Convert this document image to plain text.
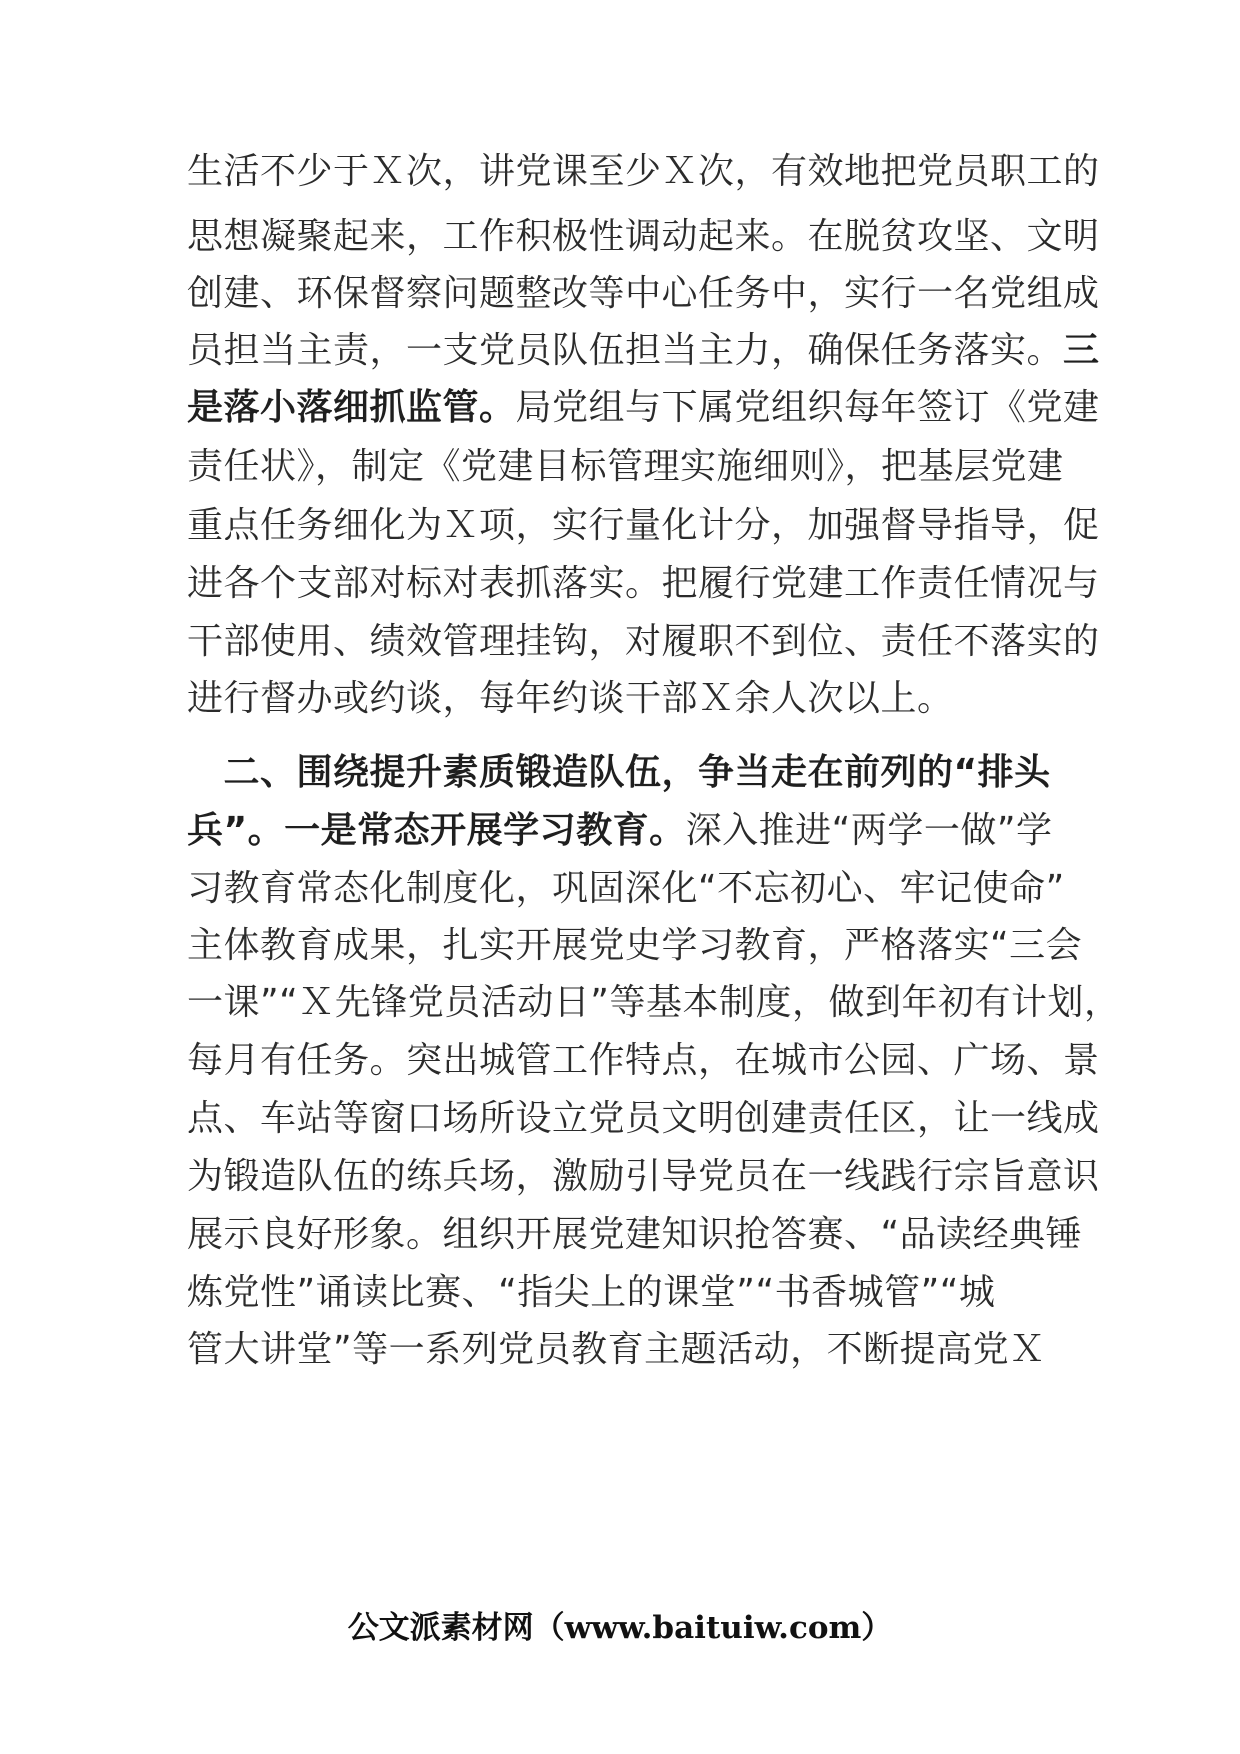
生活不少于Ｘ次，讲党课至少Ｘ次，有效地把党员职工的
思想凝聚起来，工作积极性调动起来。在脱贫攻坚、文明
创建、环保督察问题整改等中心任务中，实行一名党组成
员担当主责，一支党员队伍担当主力，确保任务落实。三
是落小落细抓监管。局党组与下属党组织每年签订《党建
责任状》，制定《党建目标管理实施细则》，把基层党建
重点任务细化为Ｘ项，实行量化计分，加强督导指导，促
进各个支部对标对表抓落实。把履行党建工作责任情况与
干部使用、绩效管理挂钩，对履职不到位、责任不落实的
进行督办或约谈，每年约谈干部Ｘ余人次以上。
　二、围绕提升素质锻造队伍，争当走在前列的“排头
兵”。一是常态开展学习教育。深入推进“两学一做”学
习教育常态化制度化，巩固深化“不忘初心、牢记使命”
主体教育成果，扎实开展党史学习教育，严格落实“三会
一课”“Ｘ先锋党员活动日”等基本制度，做到年初有计划，
每月有任务。突出城管工作特点，在城市公园、广场、景
点、车站等窗口场所设立党员文明创建责任区，让一线成
为锻造队伍的练兵场，激励引导党员在一线践行宗旨意识
展示良好形象。组织开展党建知识抢答赛、“品读经典锤
炼党性”诵读比赛、“指尖上的课堂”“书香城管”“城
管大讲堂”等一系列党员教育主题活动，不断提高党Ｘ
公文派素材网（www.baituiw.com）
